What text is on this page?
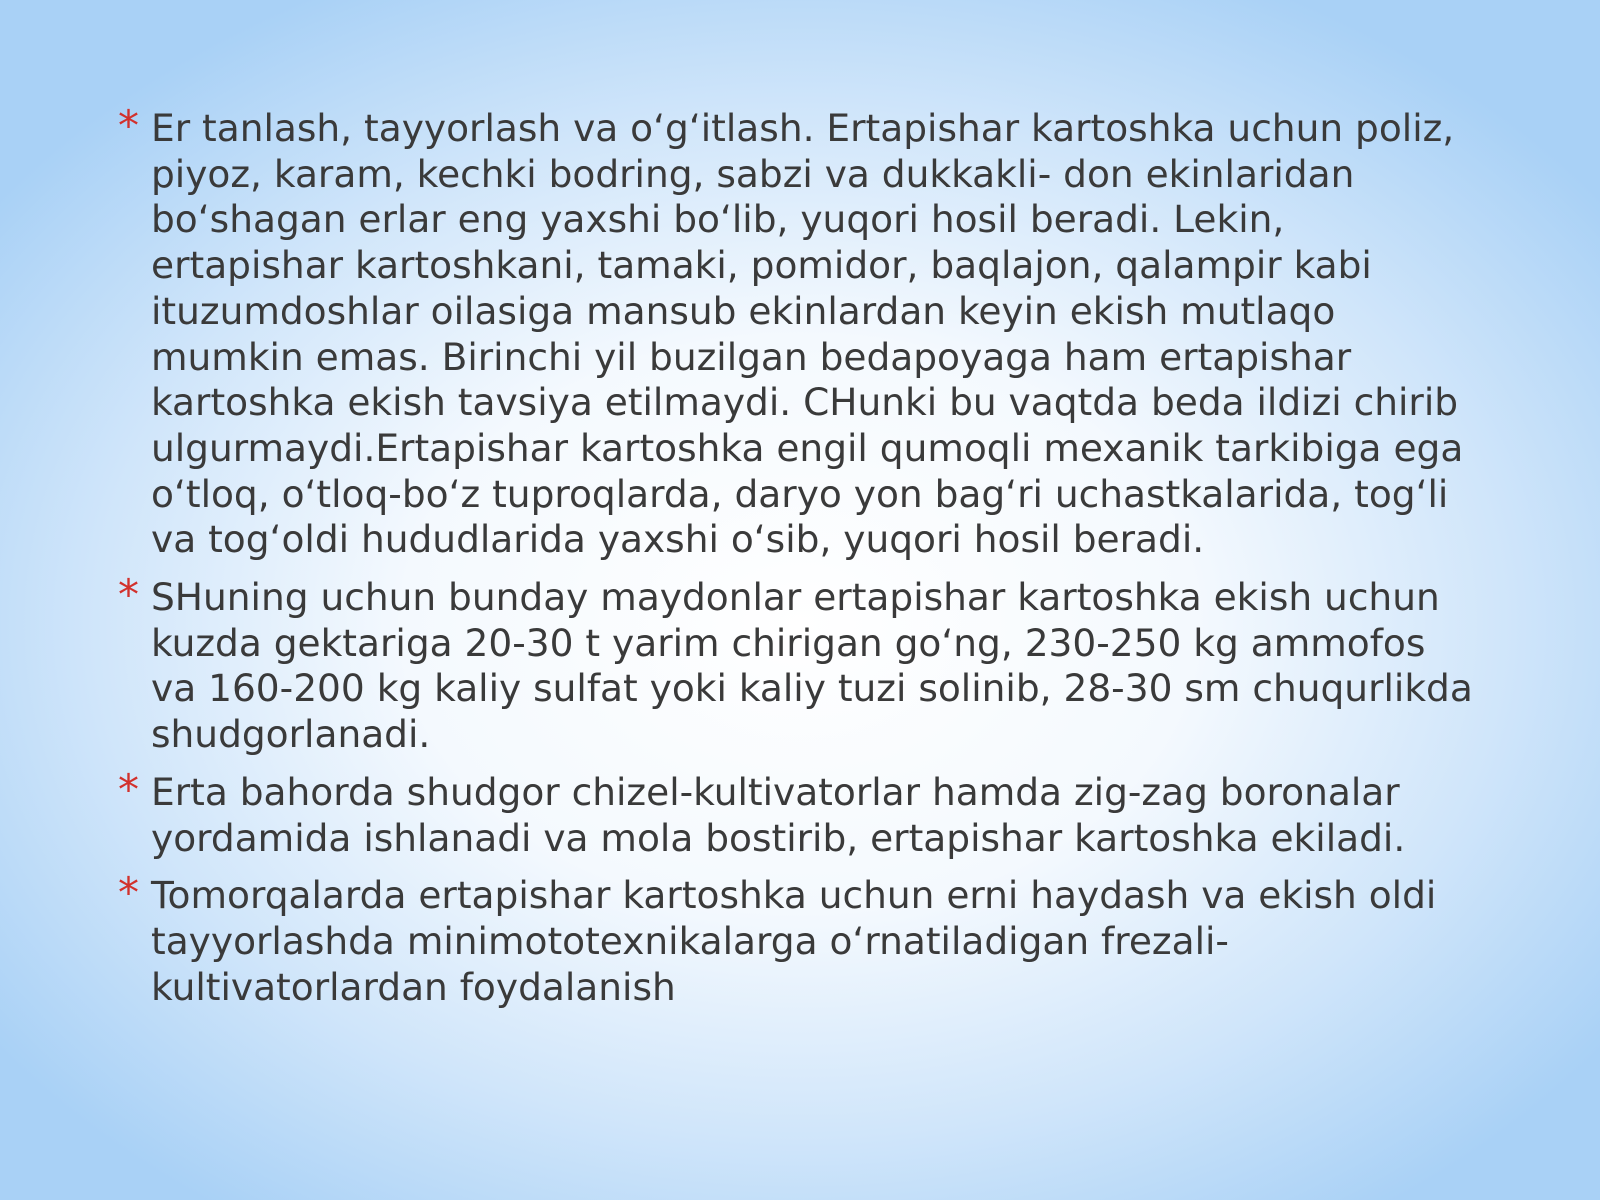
* Er tanlash, tayyorlash va o‘g‘itlash. Ertapishar kartoshka uchun poliz, piyoz, karam, kechki bodring, sabzi va dukkakli- don ekinlaridan bo‘shagan erlar eng yaxshi bo‘lib, yuqori hosil beradi. Lekin, ertapishar kartoshkani, tamaki, pomidor, baqlajon, qalampir kabi ituzumdoshlar oilasiga mansub ekinlardan keyin ekish mutlaqo mumkin emas. Birinchi yil buzilgan bedapoyaga ham ertapishar kartoshka ekish tavsiya etilmaydi. CHunki bu vaqtda beda ildizi chirib ulgurmaydi.Ertapishar kartoshka engil qumoqli mexanik tarkibiga ega o‘tloq, o‘tloq-bo‘z tuproqlarda, daryo yon bag‘ri uchastkalarida, tog‘li va tog‘oldi hududlarida yaxshi o‘sib, yuqori hosil beradi.
* SHuning uchun bunday maydonlar ertapishar kartoshka ekish uchun kuzda gektariga 20-30 t yarim chirigan go‘ng, 230-250 kg ammofos va 160-200 kg kaliy sulfat yoki kaliy tuzi solinib, 28-30 sm chuqurlikda shudgorlanadi.
* Erta bahorda shudgor chizel-kultivatorlar hamda zig-zag boronalar yordamida ishlanadi va mola bostirib, ertapishar kartoshka ekiladi.
* Tomorqalarda ertapishar kartoshka uchun erni haydash va ekish oldi tayyorlashda minimototexnikalarga o‘rnatiladigan frezali-kultivatorlardan foydalanish
